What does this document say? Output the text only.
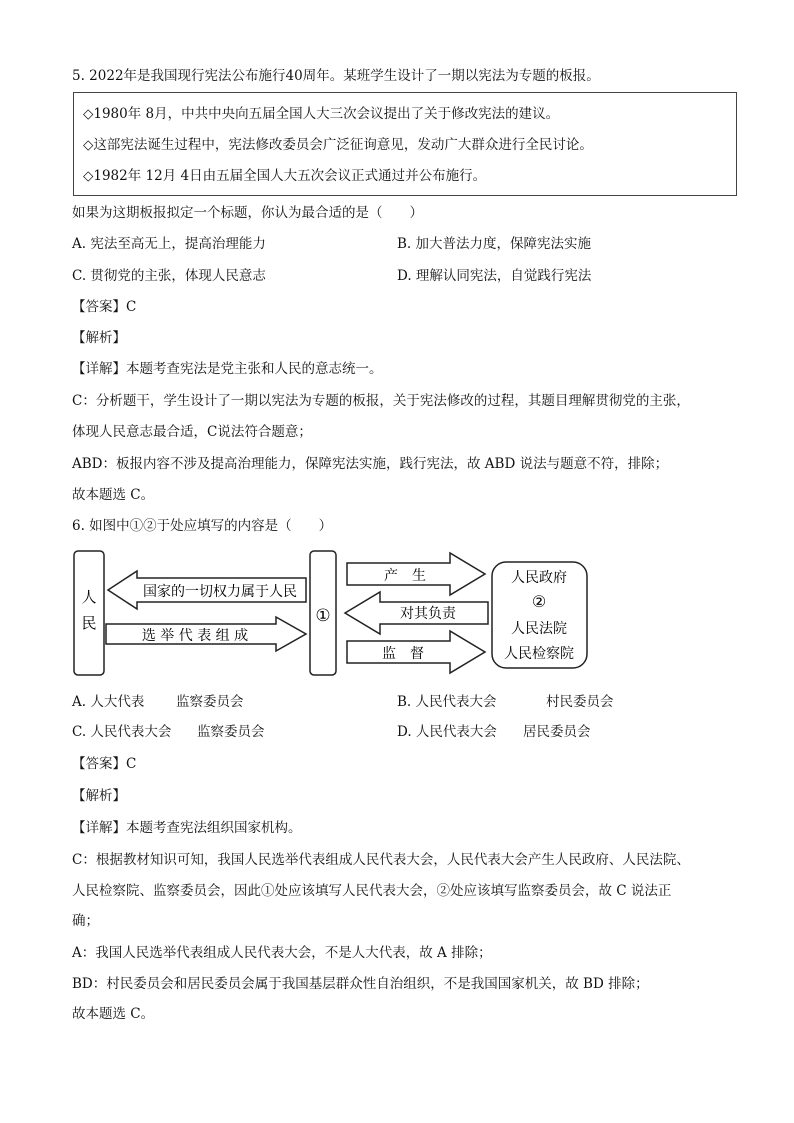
5. 2022年是我国现行宪法公布施行40周年。某班学生设计了一期以宪法为专题的板报。
◇1980年 8月，中共中央向五届全国人大三次会议提出了关于修改宪法的建议。
◇这部宪法诞生过程中，宪法修改委员会广泛征询意见，发动广大群众进行全民讨论。
◇1982年 12月 4日由五届全国人大五次会议正式通过并公布施行。
如果为这期板报拟定一个标题，你认为最合适的是（　　）
A. 宪法至高无上，提高治理能力	B. 加大普法力度，保障宪法实施
C. 贯彻党的主张，体现人民意志	D. 理解认同宪法，自觉践行宪法
【答案】C
【解析】
【详解】本题考查宪法是党主张和人民的意志统一。
C：分析题干，学生设计了一期以宪法为专题的板报，关于宪法修改的过程，其题目理解贯彻党的主张，
体现人民意志最合适，C说法符合题意；
ABD：板报内容不涉及提高治理能力，保障宪法实施，践行宪法，故 ABD 说法与题意不符，排除；
故本题选 C。
6. 如图中①②于处应填写的内容是（　　）
人
民
国家的一切权力属于人民
选 举 代 表 组 成
①
产　生
对其负责
监　督
人民政府
②
人民法院
人民检察院
A. 人大代表 监察委员会	B. 人民代表大会	村民委员会
C. 人民代表大会 监察委员会	D. 人民代表大会 居民委员会
【答案】C
【解析】
【详解】本题考查宪法组织国家机构。
C：根据教材知识可知，我国人民选举代表组成人民代表大会，人民代表大会产生人民政府、人民法院、
人民检察院、监察委员会，因此①处应该填写人民代表大会，②处应该填写监察委员会，故 C 说法正
确；
A：我国人民选举代表组成人民代表大会，不是人大代表，故 A 排除；
BD：村民委员会和居民委员会属于我国基层群众性自治组织，不是我国国家机关，故 BD 排除；
故本题选 C。
